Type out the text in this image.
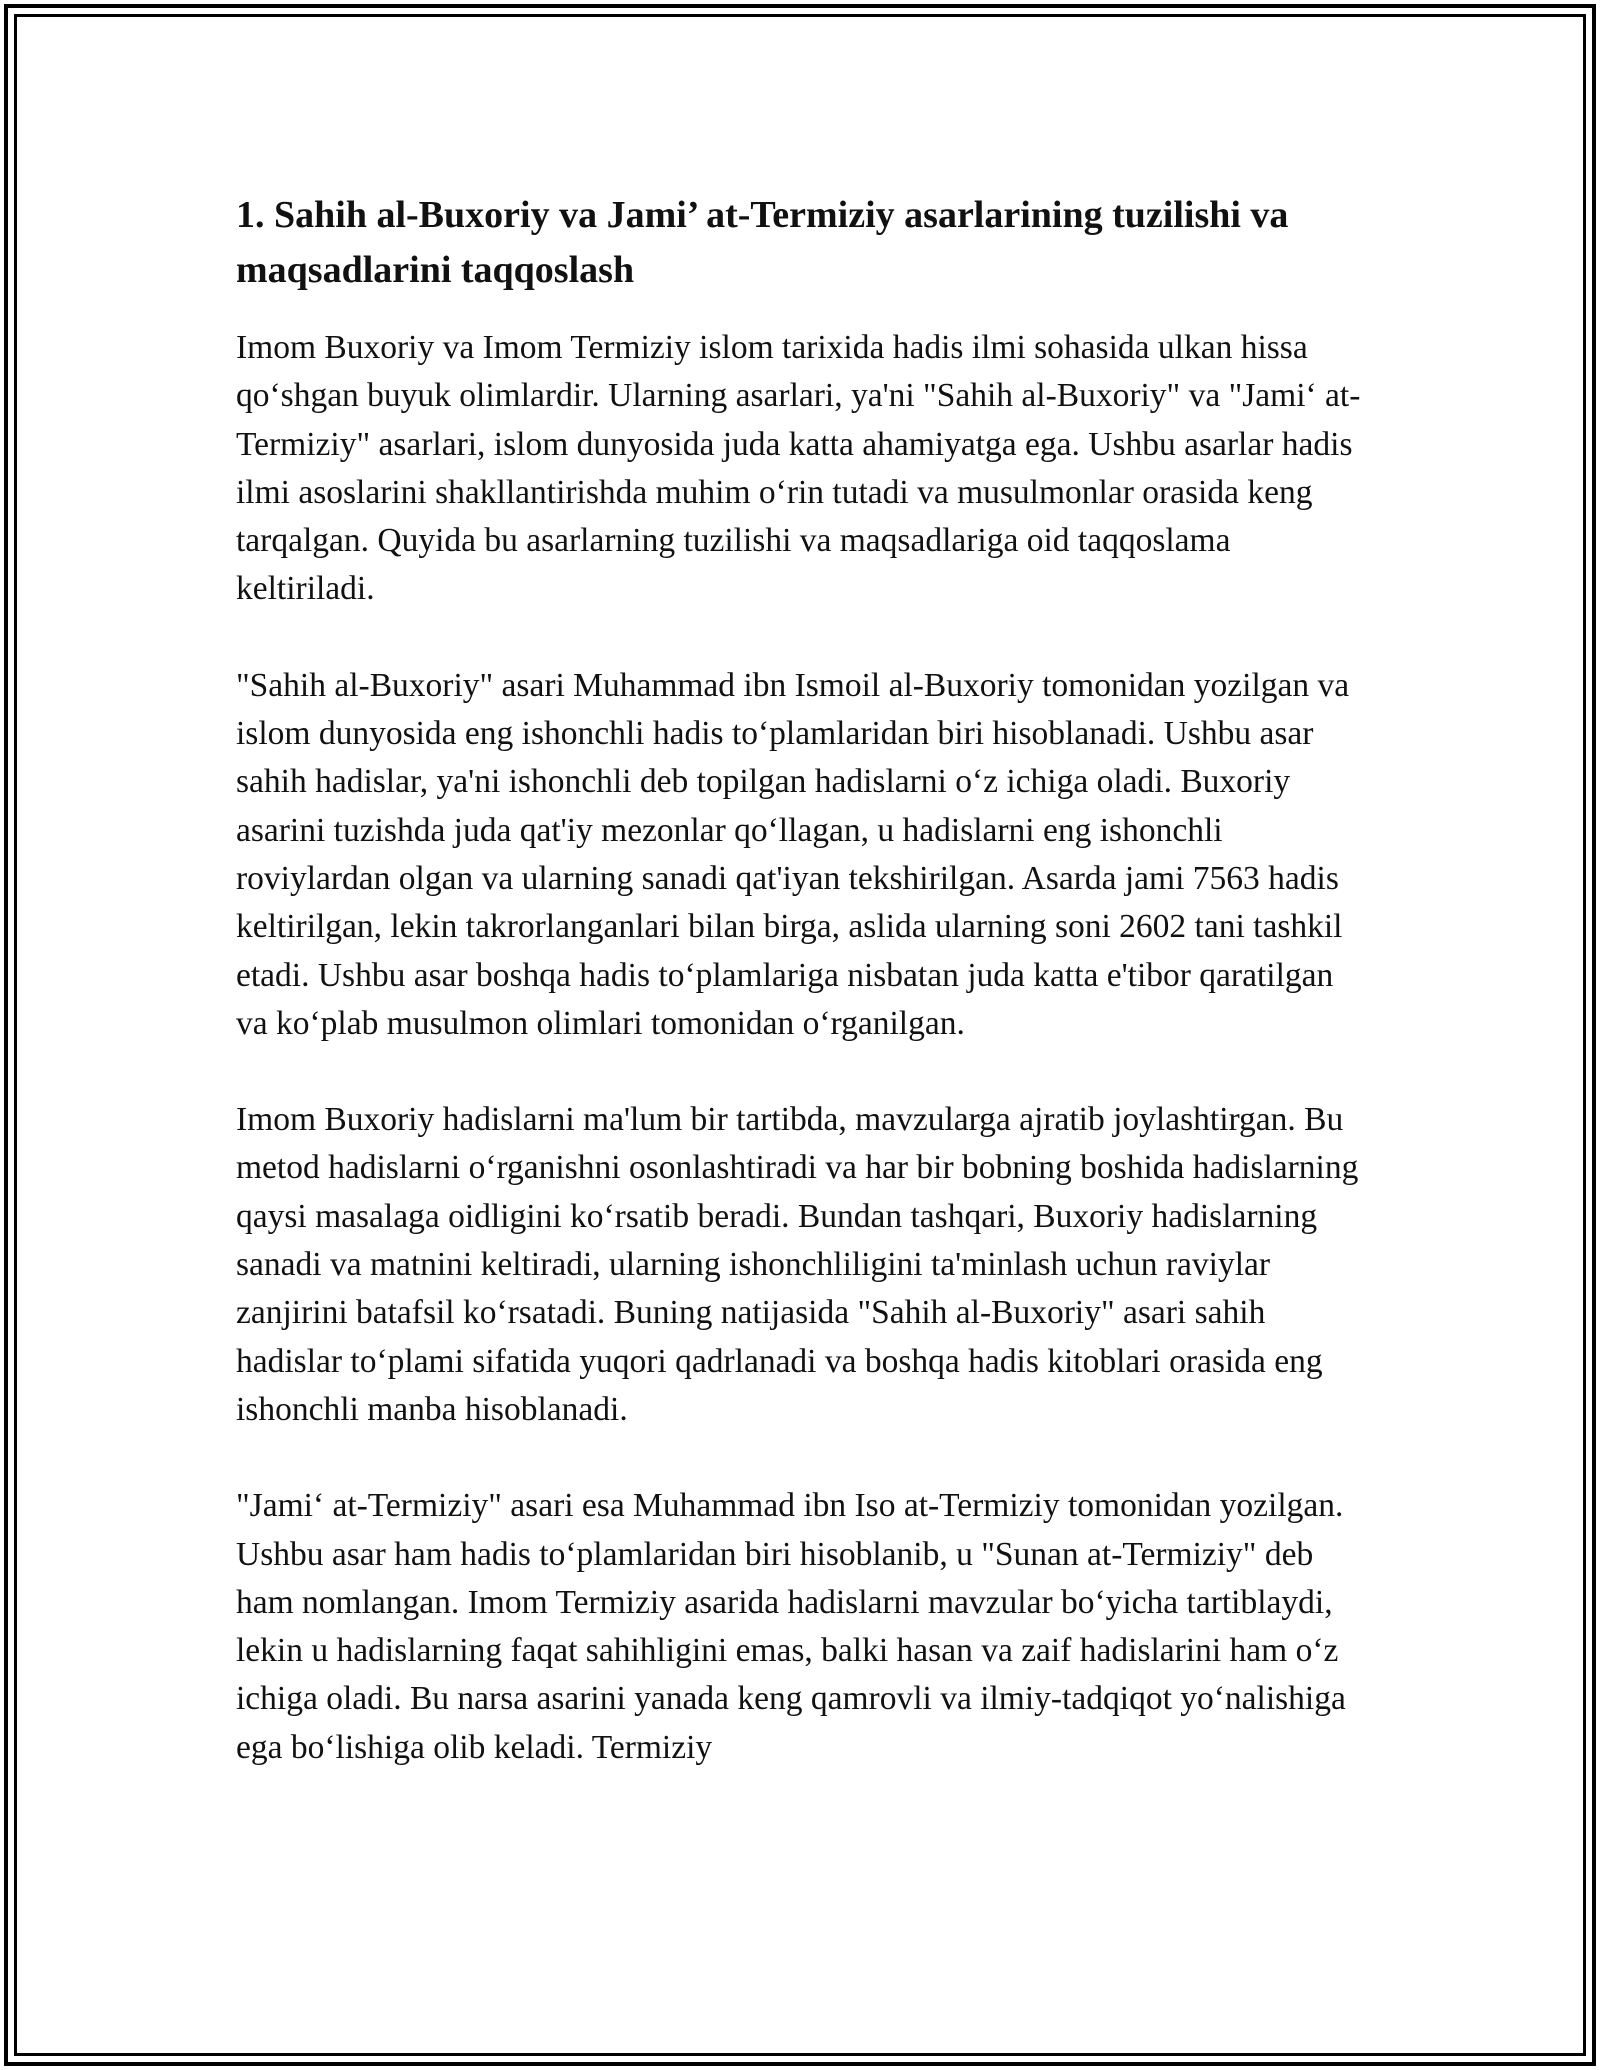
1. Sahih al-Buxoriy va Jami’ at-Termiziy asarlarining tuzilishi va maqsadlarini taqqoslash

Imom Buxoriy va Imom Termiziy islom tarixida hadis ilmi sohasida ulkan hissa qo‘shgan buyuk olimlardir. Ularning asarlari, ya'ni "Sahih al-Buxoriy" va "Jami‘ at-Termiziy" asarlari, islom dunyosida juda katta ahamiyatga ega. Ushbu asarlar hadis ilmi asoslarini shakllantirishda muhim o‘rin tutadi va musulmonlar orasida keng tarqalgan. Quyida bu asarlarning tuzilishi va maqsadlariga oid taqqoslama keltiriladi.

"Sahih al-Buxoriy" asari Muhammad ibn Ismoil al-Buxoriy tomonidan yozilgan va islom dunyosida eng ishonchli hadis to‘plamlaridan biri hisoblanadi. Ushbu asar sahih hadislar, ya'ni ishonchli deb topilgan hadislarni o‘z ichiga oladi. Buxoriy asarini tuzishda juda qat'iy mezonlar qo‘llagan, u hadislarni eng ishonchli roviylardan olgan va ularning sanadi qat'iyan tekshirilgan. Asarda jami 7563 hadis keltirilgan, lekin takrorlanganlari bilan birga, aslida ularning soni 2602 tani tashkil etadi. Ushbu asar boshqa hadis to‘plamlariga nisbatan juda katta e'tibor qaratilgan va ko‘plab musulmon olimlari tomonidan o‘rganilgan.

Imom Buxoriy hadislarni ma'lum bir tartibda, mavzularga ajratib joylashtirgan. Bu metod hadislarni o‘rganishni osonlashtiradi va har bir bobning boshida hadislarning qaysi masalaga oidligini ko‘rsatib beradi. Bundan tashqari, Buxoriy hadislarning sanadi va matnini keltiradi, ularning ishonchliligini ta'minlash uchun raviylar zanjirini batafsil ko‘rsatadi. Buning natijasida "Sahih al-Buxoriy" asari sahih hadislar to‘plami sifatida yuqori qadrlanadi va boshqa hadis kitoblari orasida eng ishonchli manba hisoblanadi.

"Jami‘ at-Termiziy" asari esa Muhammad ibn Iso at-Termiziy tomonidan yozilgan. Ushbu asar ham hadis to‘plamlaridan biri hisoblanib, u "Sunan at-Termiziy" deb ham nomlangan. Imom Termiziy asarida hadislarni mavzular bo‘yicha tartiblaydi, lekin u hadislarning faqat sahihligini emas, balki hasan va zaif hadislarini ham o‘z ichiga oladi. Bu narsa asarini yanada keng qamrovli va ilmiy-tadqiqot yo‘nalishiga ega bo‘lishiga olib keladi. Termiziy
